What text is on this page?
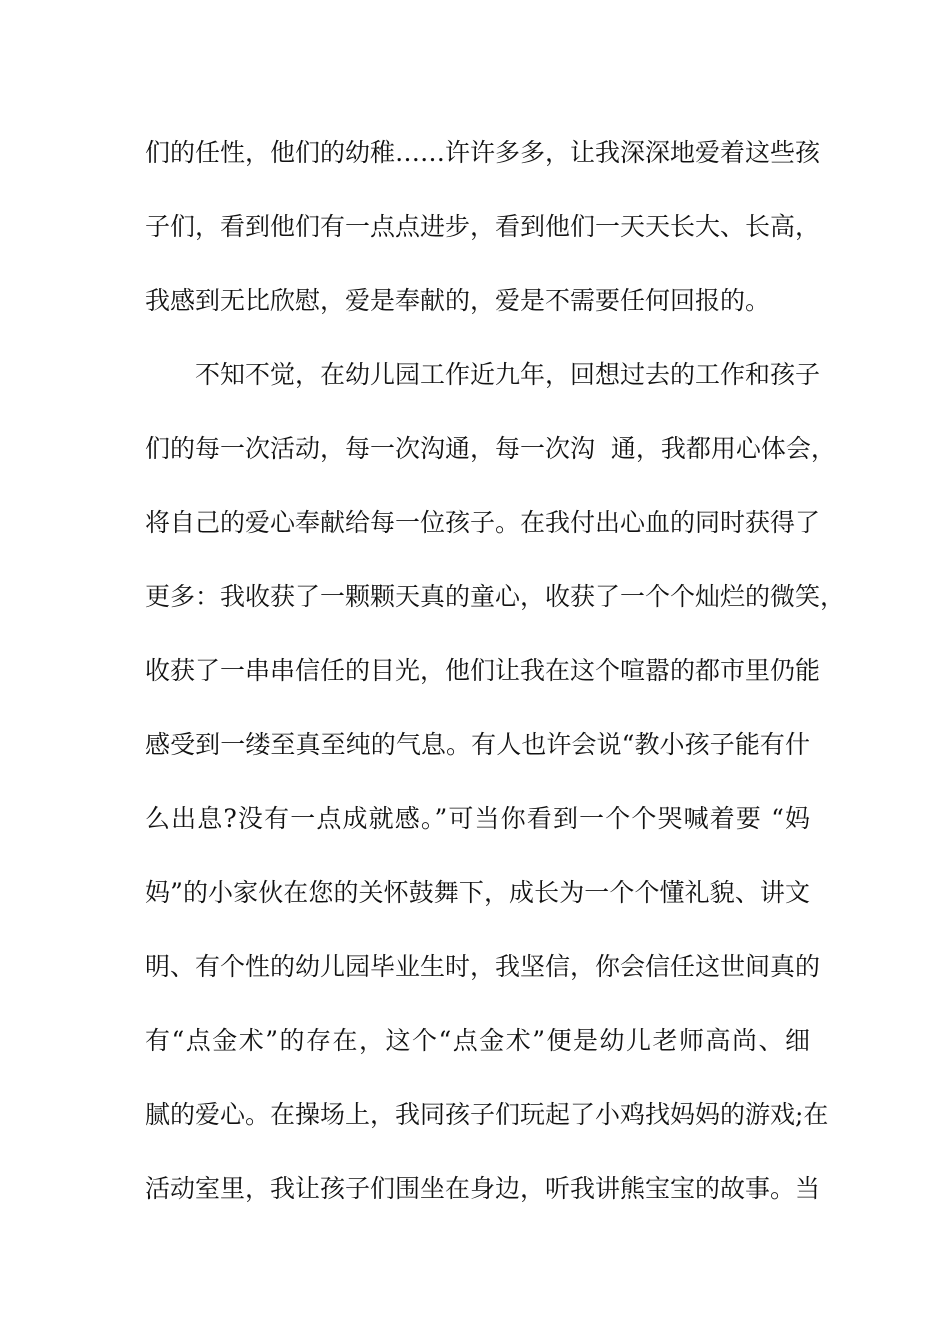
们的任性，他们的幼稚……许许多多，让我深深地爱着这些孩
子们，看到他们有一点点进步，看到他们一天天长大、长高，
我感到无比欣慰，爱是奉献的，爱是不需要任何回报的。
不知不觉，在幼儿园工作近九年，回想过去的工作和孩子
们的每一次活动，每一次沟通，每一次沟  通，我都用心体会，
将自己的爱心奉献给每一位孩子。在我付出心血的同时获得了
更多：我收获了一颗颗天真的童心，收获了一个个灿烂的微笑，
收获了一串串信任的目光，他们让我在这个喧嚣的都市里仍能
感受到一缕至真至纯的气息。有人也许会说“教小孩子能有什
么出息?没有一点成就感。”可当你看到一个个哭喊着要 “妈
妈”的小家伙在您的关怀鼓舞下，成长为一个个懂礼貌、讲文
明、有个性的幼儿园毕业生时，我坚信，你会信任这世间真的
有“点金术”的存在，这个“点金术”便是幼儿老师高尚、细
腻的爱心。在操场上，我同孩子们玩起了小鸡找妈妈的游戏;在
活动室里，我让孩子们围坐在身边，听我讲熊宝宝的故事。当
